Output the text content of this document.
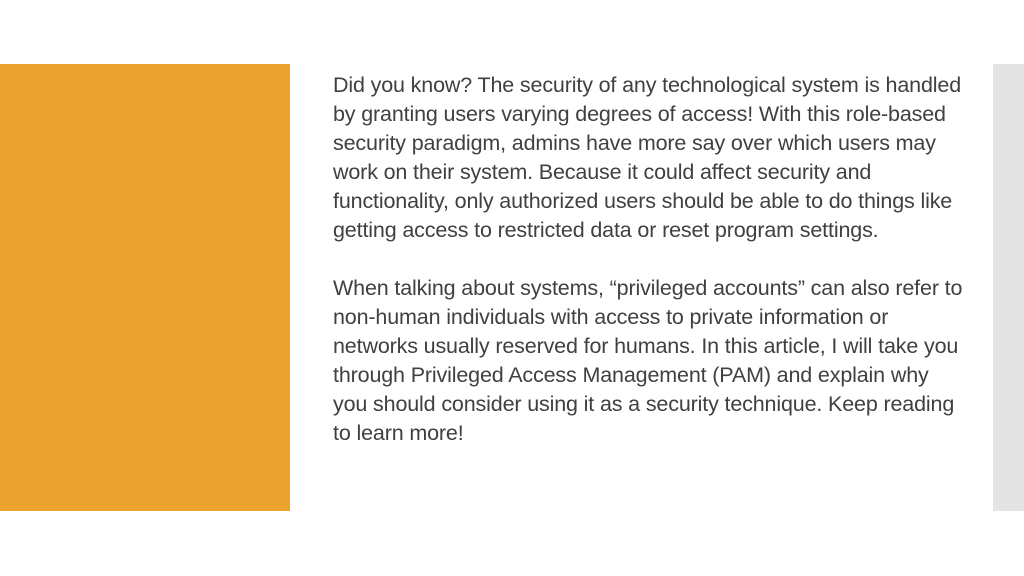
Did you know? The security of any technological system is handled by granting users varying degrees of access! With this role-based security paradigm, admins have more say over which users may work on their system. Because it could affect security and functionality, only authorized users should be able to do things like getting access to restricted data or reset program settings.

When talking about systems, “privileged accounts” can also refer to non-human individuals with access to private information or networks usually reserved for humans. In this article, I will take you through Privileged Access Management (PAM) and explain why you should consider using it as a security technique. Keep reading to learn more!
